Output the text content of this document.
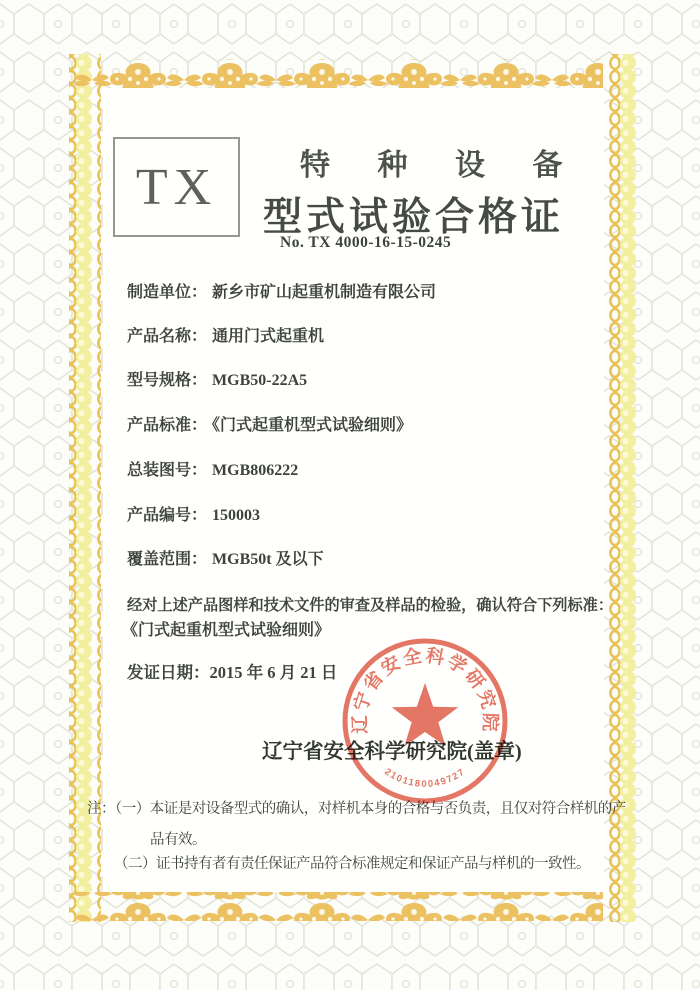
TX	特 种 设 备
型式试验合格证
No. TX 4000-16-15-0245
制造单位： 新乡市矿山起重机制造有限公司
产品名称： 通用门式起重机
型号规格： MGB50-22A5
产品标准： 《门式起重机型式试验细则》
总装图号： MGB806222
产品编号： 150003
覆盖范围： MGB50t 及以下
经对上述产品图样和技术文件的审查及样品的检验，确认符合下列标准：
《门式起重机型式试验细则》
发证日期：2015 年 6 月 21 日
辽宁省安全科学研究院(盖章)
辽宁省安全科学研究院
2101180049727
注：（一）本证是对设备型式的确认，对样机本身的合格与否负责，且仅对符合样机的产
品有效。
（二）证书持有者有责任保证产品符合标准规定和保证产品与样机的一致性。
